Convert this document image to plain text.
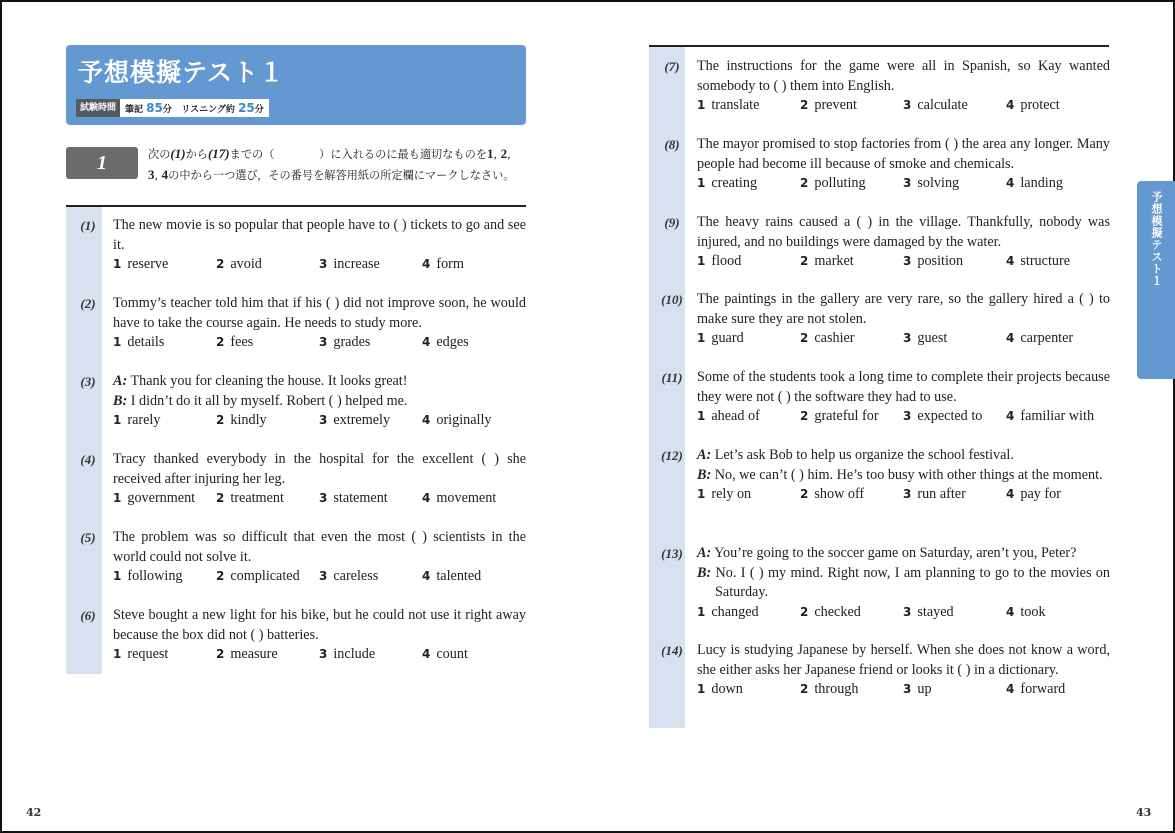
予想模擬テスト１
試験時間	筆記 85分 リスニング約 25分
1	次の(1)から(17)までの（　　　　）に入れるのに最も適切なものを1, 2,
3, 4の中から一つ選び，その番号を解答用紙の所定欄にマークしなさい。
(1)	The new movie is so popular that people have to ( ) tickets to go and see it.
1 reserve	2 avoid	3 increase	4 form
(2)	Tommy’s teacher told him that if his ( ) did not improve soon, he would have to take the course again. He needs to study more.
1 details	2 fees	3 grades	4 edges
(3)	A: Thank you for cleaning the house. It looks great!
B: I didn’t do it all by myself. Robert ( ) helped me.
1 rarely	2 kindly	3 extremely	4 originally
(4)	Tracy thanked everybody in the hospital for the excellent ( ) she received after injuring her leg.
1 government	2 treatment	3 statement	4 movement
(5)	The problem was so difficult that even the most ( ) scientists in the world could not solve it.
1 following	2 complicated	3 careless	4 talented
(6)	Steve bought a new light for his bike, but he could not use it right away because the box did not ( ) batteries.
1 request	2 measure	3 include	4 count
(7)	The instructions for the game were all in Spanish, so Kay wanted somebody to ( ) them into English.
1 translate	2 prevent	3 calculate	4 protect
(8)	The mayor promised to stop factories from ( ) the area any longer. Many people had become ill because of smoke and chemicals.
1 creating	2 polluting	3 solving	4 landing
(9)	The heavy rains caused a ( ) in the village. Thankfully, nobody was injured, and no buildings were damaged by the water.
1 flood	2 market	3 position	4 structure
(10) The paintings in the gallery are very rare, so the gallery hired a ( ) to make sure they are not stolen.
1 guard	2 cashier	3 guest	4 carpenter
(11)	Some of the students took a long time to complete their projects because they were not ( ) the software they had to use.
1 ahead of	2 grateful for	3 expected to	4 familiar with
(12) A: Let’s ask Bob to help us organize the school festival.
B: No, we can’t ( ) him. He’s too busy with other things at the moment.
1 rely on	2 show off	3 run after	4 pay for
(13) A: You’re going to the soccer game on Saturday, aren’t you, Peter?
B: No. I ( ) my mind. Right now, I am planning to go to the movies on Saturday.
1 changed	2 checked	3 stayed	4 took
(14) Lucy is studying Japanese by herself. When she does not know a word, she either asks her Japanese friend or looks it ( ) in a dictionary.
1 down	2 through	3 up	4 forward
予想模擬テスト１
42	43
